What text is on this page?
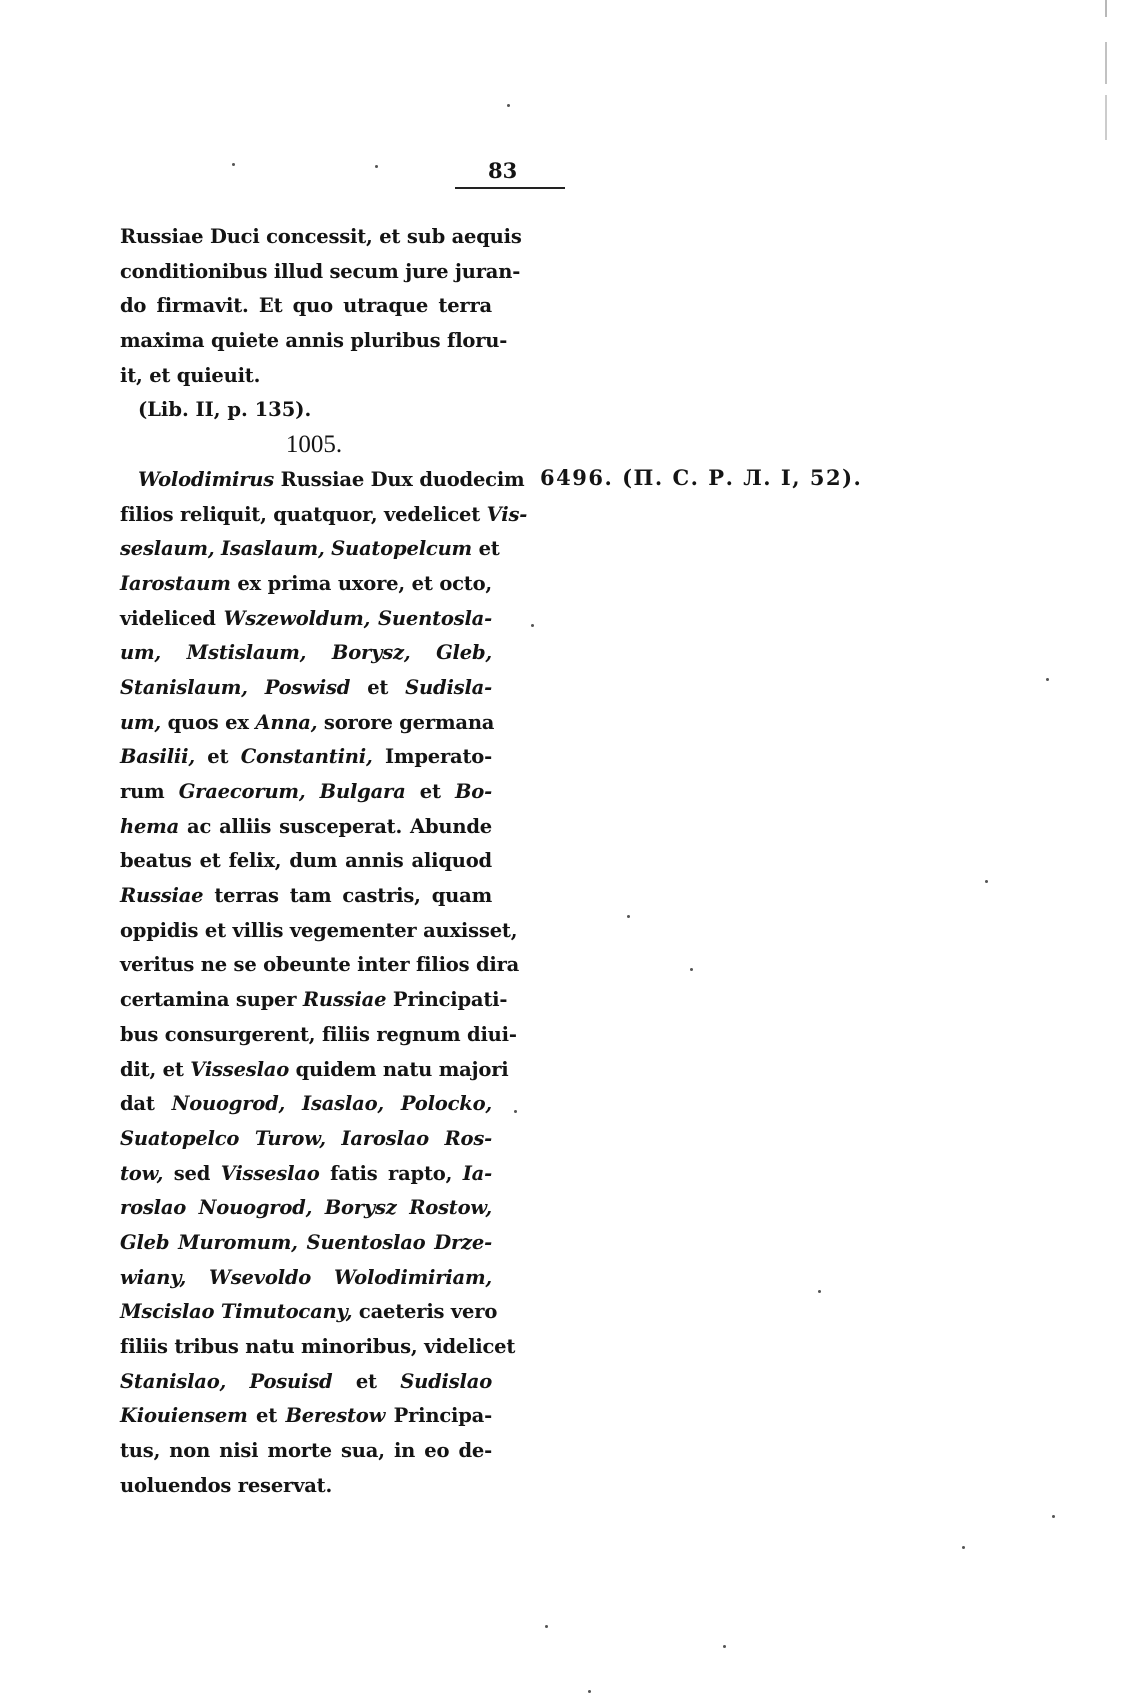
83
Russiae Duci concessit, et sub aequis
conditionibus illud secum jure juran-
do firmavit. Et quo utraque terra
maxima quiete annis pluribus floru-
it, et quieuit.
(Lib. II, p. 135).
1005.
Wolodimirus Russiae Dux duodecim
filios reliquit, quatquor, vedelicet Vis-
seslaum, Isaslaum, Suatopelcum et
Iarostaum ex prima uxore, et octo,
videliced Wszewoldum, Suentosla-
um, Mstislaum, Borysz, Gleb,
Stanislaum, Poswisd et Sudisla-
um, quos ex Anna, sorore germana
Basilii, et Constantini, Imperato-
rum Graecorum, Bulgara et Bo-
hema ac alliis susceperat. Abunde
beatus et felix, dum annis aliquod
Russiae terras tam castris, quam
oppidis et villis vegementer auxisset,
veritus ne se obeunte inter filios dira
certamina super Russiae Principati-
bus consurgerent, filiis regnum diui-
dit, et Visseslao quidem natu majori
dat Nouogrod, Isaslao, Polocko,
Suatopelco Turow, Iaroslao Ros-
tow, sed Visseslao fatis rapto, Ia-
roslao Nouogrod, Borysz Rostow,
Gleb Muromum, Suentoslao Drze-
wiany, Wsevoldo Wolodimiriam,
Mscislao Timutocany, caeteris vero
filiis tribus natu minoribus, videlicet
Stanislao, Posuisd et Sudislao
Kiouiensem et Berestow Principa-
tus, non nisi morte sua, in eo de-
uoluendos reservat.
6496. (П. С. Р. Л. I, 52).
